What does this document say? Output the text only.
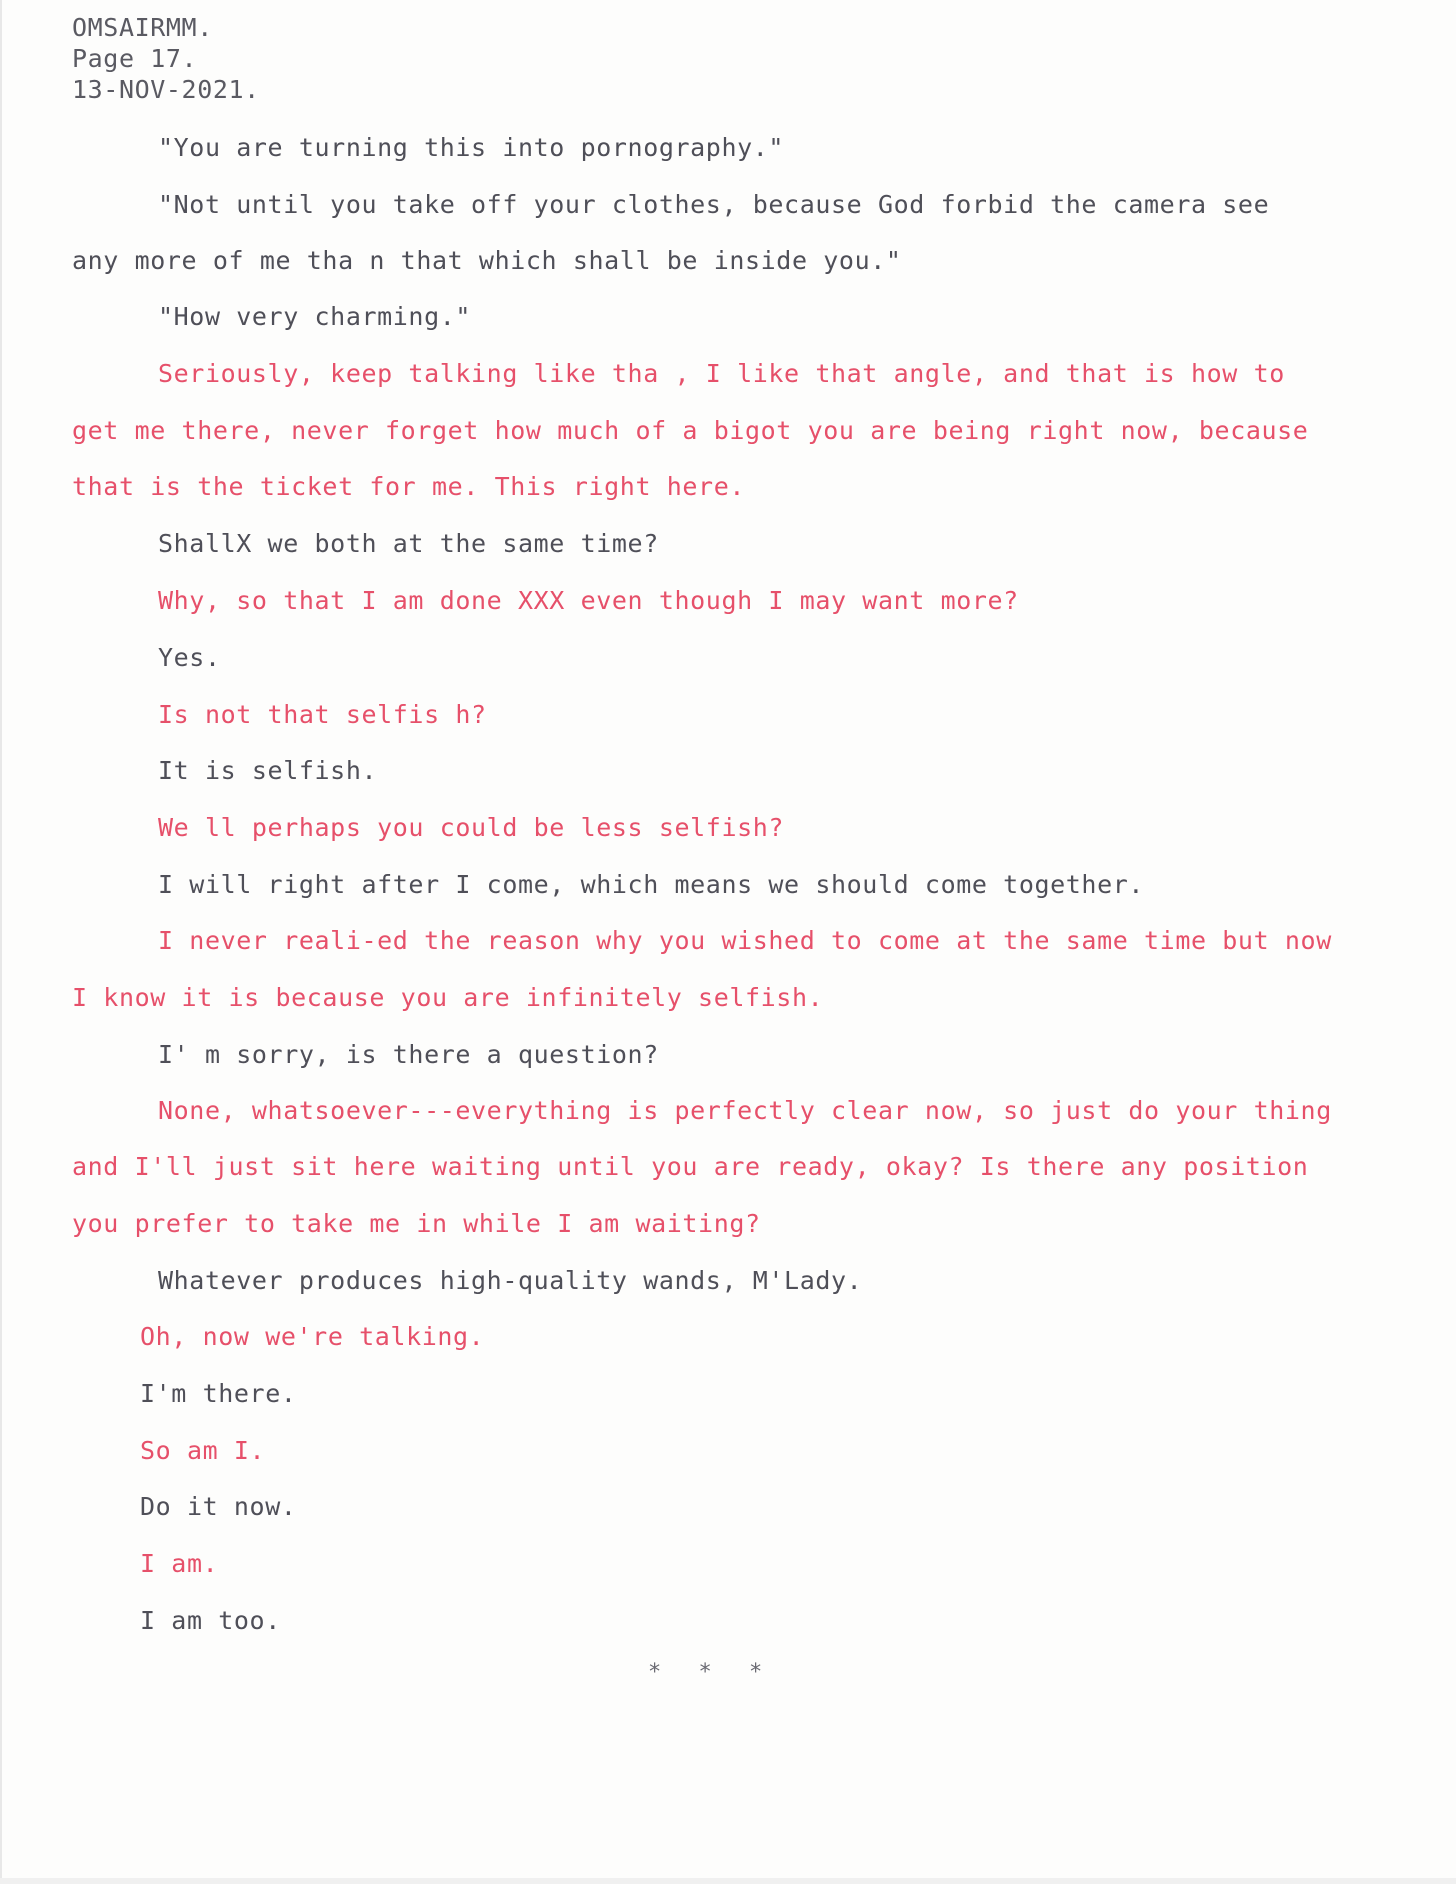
OMSAIRMM.
Page 17.
13-NOV-2021.
"You are turning this into pornography."
"Not until you take off your clothes, because God forbid the camera see
any more of me tha n that which shall be inside you."
"How very charming."
Seriously, keep talking like tha , I like that angle, and that is how to
get me there, never forget how much of a bigot you are being right now, because
that is the ticket for me. This right here.
ShallX we both at the same time?
Why, so that I am done XXX even though I may want more?
Yes.
Is not that selfis h?
It is selfish.
We ll perhaps you could be less selfish?
I will right after I come, which means we should come together.
I never reali-ed the reason why you wished to come at the same time but now
I know it is because you are infinitely selfish.
I' m sorry, is there a question?
None, whatsoever---everything is perfectly clear now, so just do your thing
and I'll just sit here waiting until you are ready, okay? Is there any position
you prefer to take me in while I am waiting?
Whatever produces high-quality wands, M'Lady.
Oh, now we're talking.
I'm there.
So am I.
Do it now.
I am.
I am too.
* * *
